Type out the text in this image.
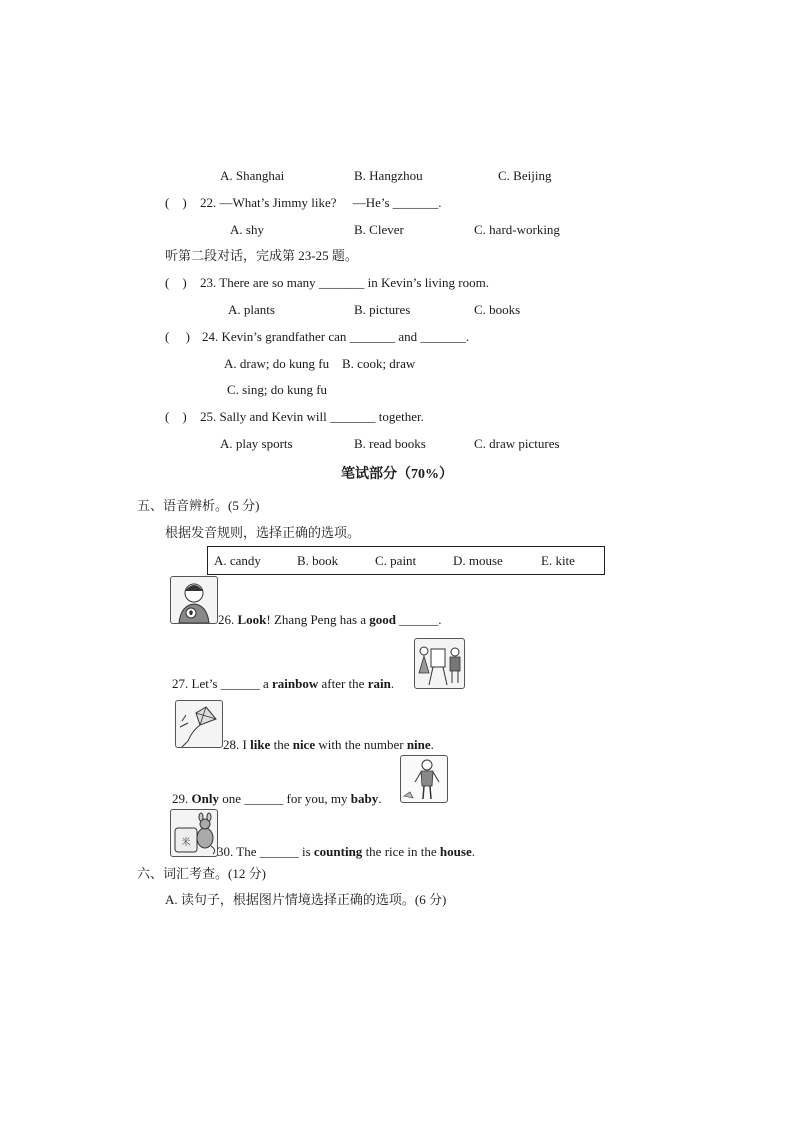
A. Shanghai	B. Hangzhou	C. Beijing
(　) 22. —What’s Jimmy like?　 —He’s _______.
A. shy	B. Clever	C. hard-working
听第二段对话，完成第 23-25 题。
(　) 23. There are so many _______ in Kevin’s living room.
A. plants	B. pictures	C. books
(　 ) 24. Kevin’s grandfather can _______ and _______.
A. draw; do kung fu B. cook; draw
C. sing; do kung fu
(　) 25. Sally and Kevin will _______ together.
A. play sports	B. read books	C. draw pictures
笔试部分（70%）
五、语音辨析。(5 分)
根据发音规则，选择正确的选项。
A. candy	B. book	C. paint	D. mouse	E. kite
26. Look! Zhang Peng has a good ______.
27. Let’s ______ a rainbow after the rain.
28. I like the nice with the number nine.
29. Only one ______ for you, my baby.
米
30. The ______ is counting the rice in the house.
六、词汇考查。(12 分)
A. 读句子，根据图片情境选择正确的选项。(6 分)
